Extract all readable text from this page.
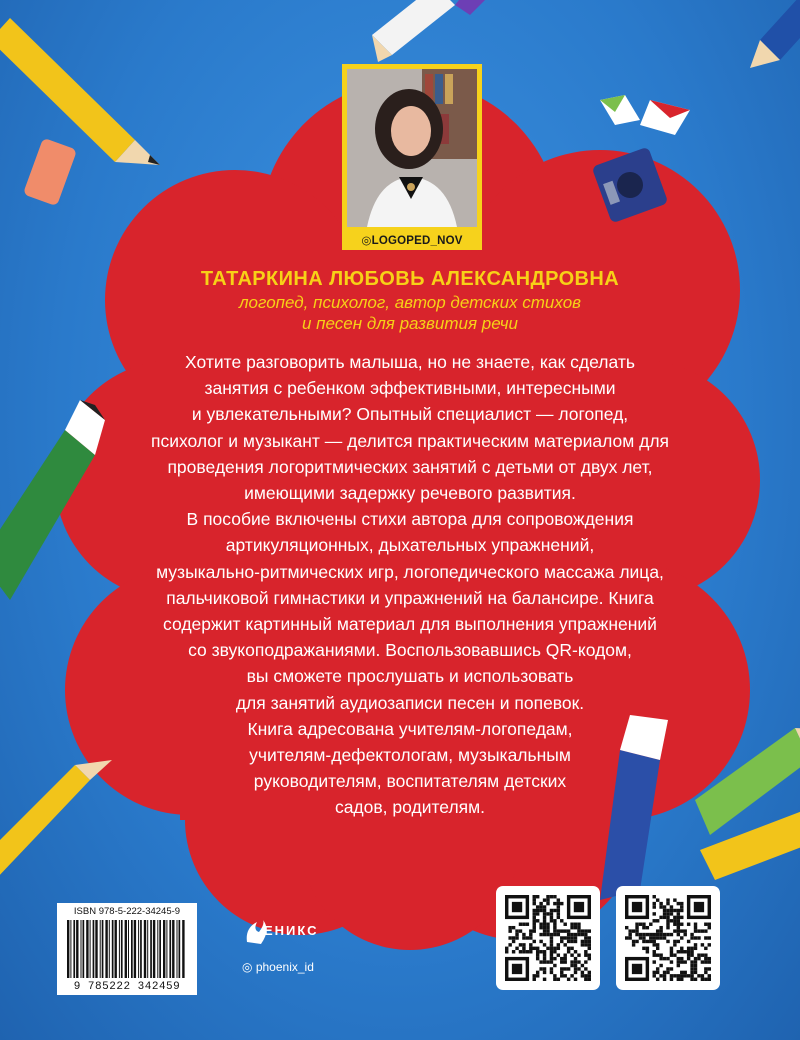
◎LOGOPED_NOV
ТАТАРКИНА ЛЮБОВЬ АЛЕКСАНДРОВНА
логопед, психолог, автор детских стихов
и песен для развития речи
Хотите разговорить малыша, но не знаете, как сделать
занятия с ребенком эффективными, интересными
и увлекательными? Опытный специалист — логопед,
психолог и музыкант — делится практическим материалом для
проведения логоритмических занятий с детьми от двух лет,
имеющими задержку речевого развития.
В пособие включены стихи автора для сопровождения
артикуляционных, дыхательных упражнений,
музыкально-ритмических игр, логопедического массажа лица,
пальчиковой гимнастики и упражнений на балансире. Книга
содержит картинный материал для выполнения упражнений
со звукоподражаниями. Воспользовавшись QR-кодом,
вы сможете прослушать и использовать
для занятий аудиозаписи песен и попевок.
Книга адресована учителям-логопедам,
учителям-дефектологам, музыкальным
руководителям, воспитателям детских
садов, родителям.
ISBN 978-5-222-34245-9
9 785222 342459
ЕНИКС
◎ phoenix_id
